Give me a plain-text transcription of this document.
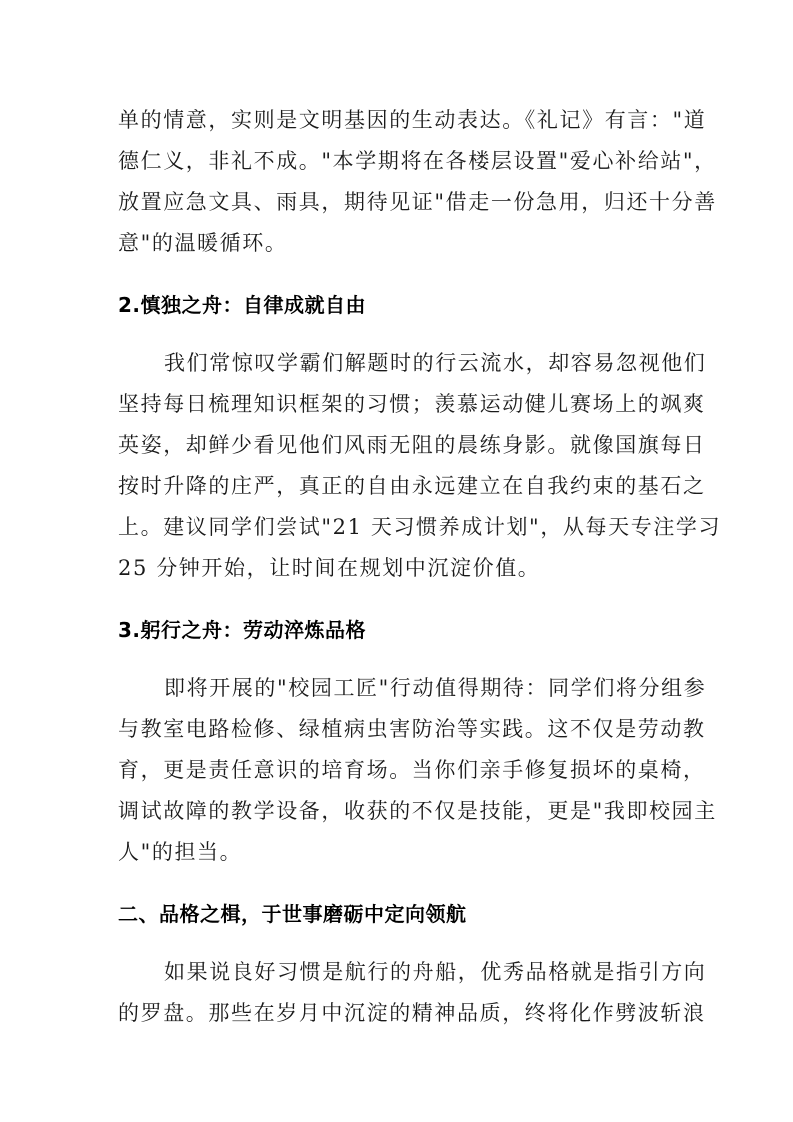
单的情意，实则是文明基因的生动表达。《礼记》有言："道
德仁义，非礼不成。"本学期将在各楼层设置"爱心补给站"，
放置应急文具、雨具，期待见证"借走一份急用，归还十分善
意"的温暖循环。
2.慎独之舟：自律成就自由
我们常惊叹学霸们解题时的行云流水，却容易忽视他们
坚持每日梳理知识框架的习惯；羡慕运动健儿赛场上的飒爽
英姿，却鲜少看见他们风雨无阻的晨练身影。就像国旗每日
按时升降的庄严，真正的自由永远建立在自我约束的基石之
上。建议同学们尝试"21 天习惯养成计划"，从每天专注学习
25 分钟开始，让时间在规划中沉淀价值。
3.躬行之舟：劳动淬炼品格
即将开展的"校园工匠"行动值得期待：同学们将分组参
与教室电路检修、绿植病虫害防治等实践。这不仅是劳动教
育，更是责任意识的培育场。当你们亲手修复损坏的桌椅，
调试故障的教学设备，收获的不仅是技能，更是"我即校园主
人"的担当。
二、品格之楫，于世事磨砺中定向领航
如果说良好习惯是航行的舟船，优秀品格就是指引方向
的罗盘。那些在岁月中沉淀的精神品质，终将化作劈波斩浪
